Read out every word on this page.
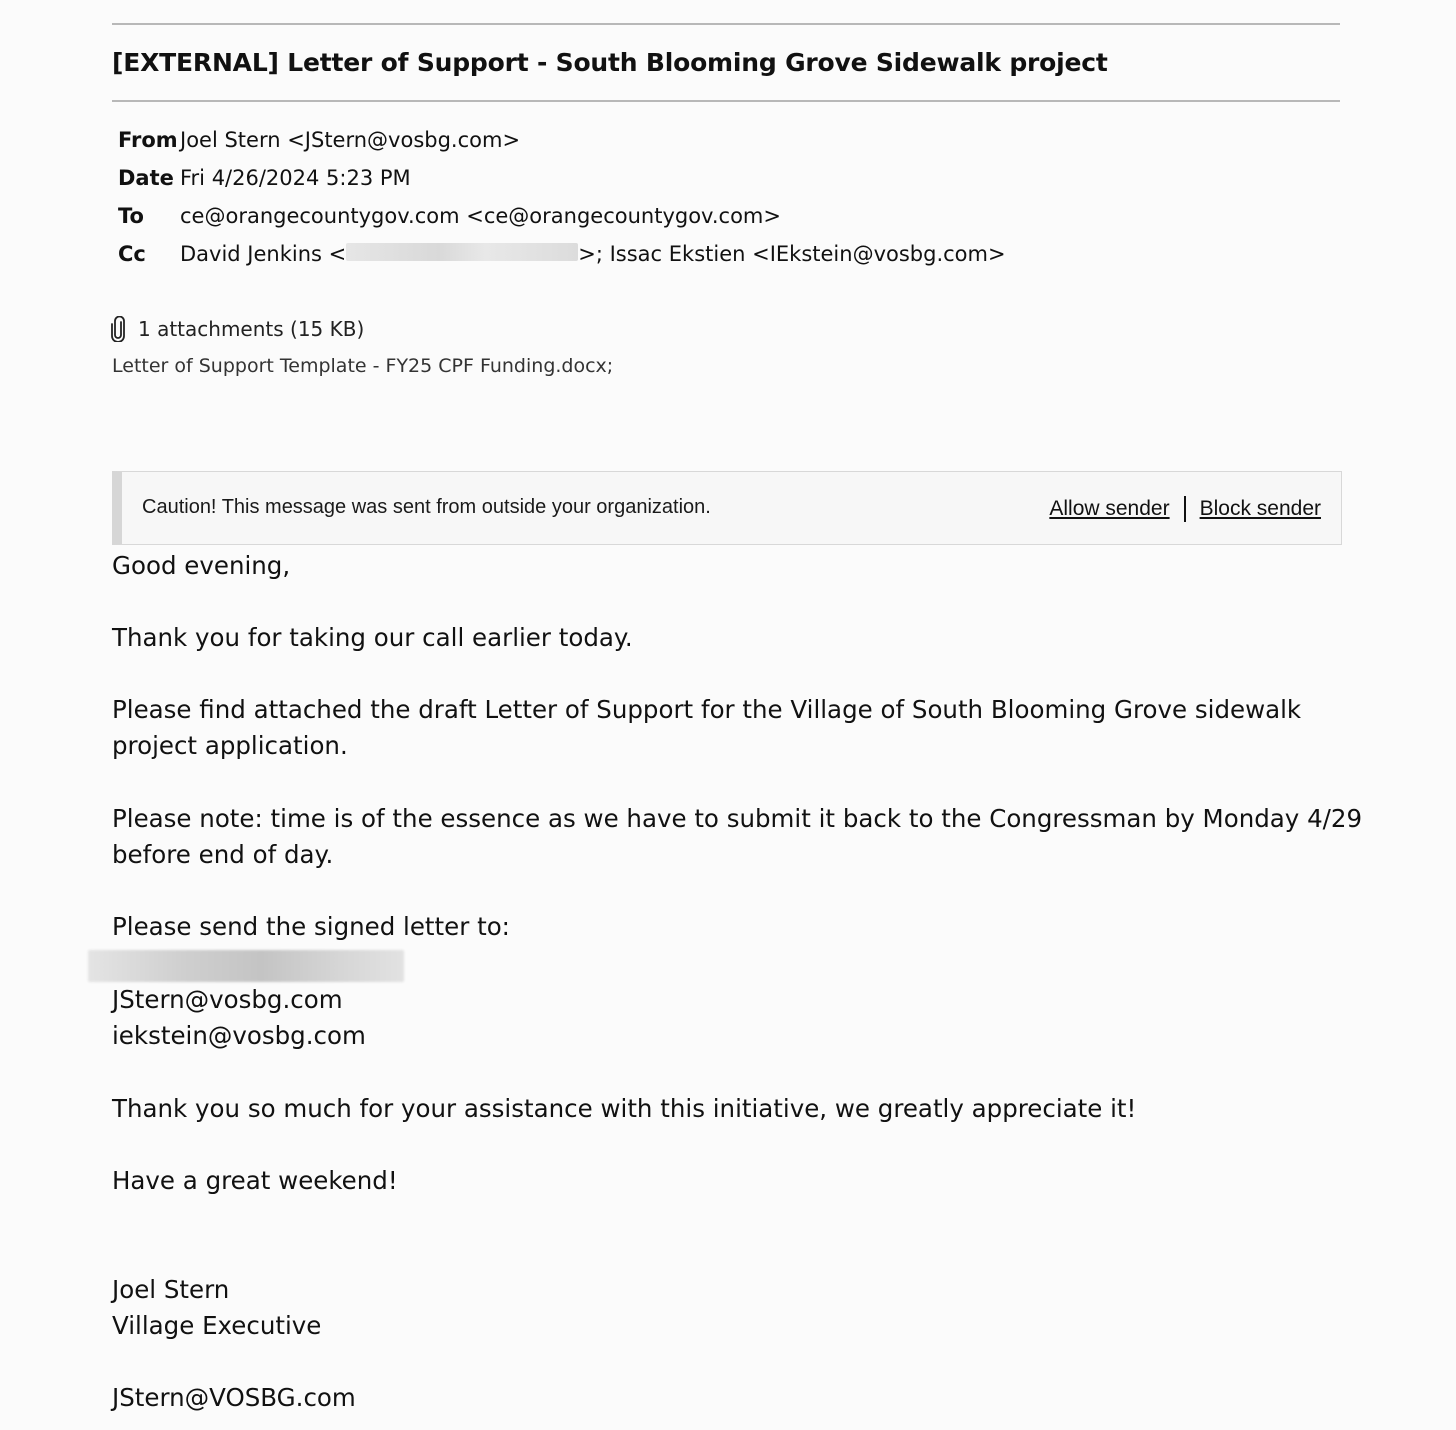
[EXTERNAL] Letter of Support - South Blooming Grove Sidewalk project
From Joel Stern <JStern@vosbg.com>
Date Fri 4/26/2024 5:23 PM
To	ce@orangecountygov.com <ce@orangecountygov.com>
Cc	David Jenkins <	>; Issac Ekstien <IEkstein@vosbg.com>
1 attachments (15 KB)
Letter of Support Template - FY25 CPF Funding.docx;
Caution! This message was sent from outside your organization.	Allow sender Block sender
Good evening,
Thank you for taking our call earlier today.
Please find attached the draft Letter of Support for the Village of South Blooming Grove sidewalk
project application.
Please note: time is of the essence as we have to submit it back to the Congressman by Monday 4/29
before end of day.
Please send the signed letter to:
JStern@vosbg.com
iekstein@vosbg.com
Thank you so much for your assistance with this initiative, we greatly appreciate it!
Have a great weekend!
Joel Stern
Village Executive
JStern@VOSBG.com
